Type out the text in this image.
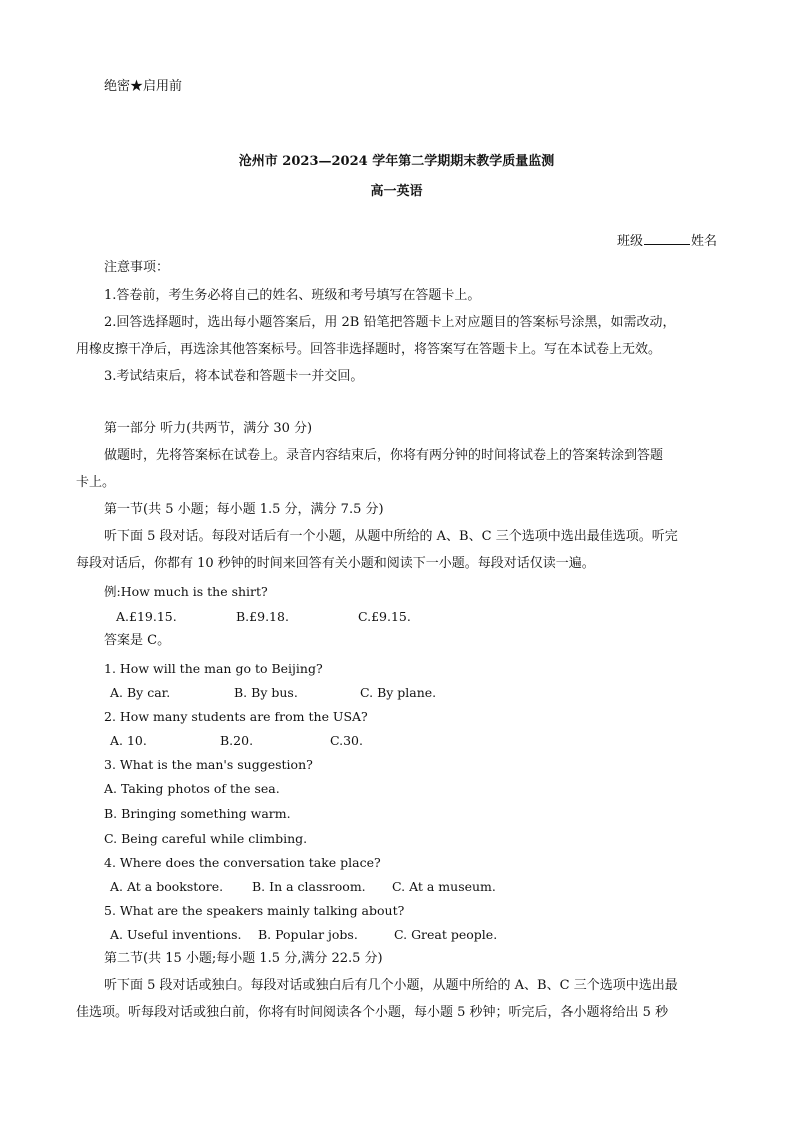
绝密★启用前
沧州市 2023—2024 学年第二学期期末教学质量监测
高一英语
班级	姓名
注意事项：
1.答卷前，考生务必将自己的姓名、班级和考号填写在答题卡上。
2.回答选择题时，选出每小题答案后，用 2B 铅笔把答题卡上对应题目的答案标号涂黑，如需改动，
用橡皮擦干净后，再选涂其他答案标号。回答非选择题时，将答案写在答题卡上。写在本试卷上无效。
3.考试结束后，将本试卷和答题卡一并交回。
第一部分 听力(共两节，满分 30 分)
做题时，先将答案标在试卷上。录音内容结束后，你将有两分钟的时间将试卷上的答案转涂到答题
卡上。
第一节(共 5 小题；每小题 1.5 分，满分 7.5 分)
听下面 5 段对话。每段对话后有一个小题，从题中所给的 A、B、C 三个选项中选出最佳选项。听完
每段对话后，你都有 10 秒钟的时间来回答有关小题和阅读下一小题。每段对话仅读一遍。
例:How much is the shirt?
A.£19.15.	B.£9.18.	C.£9.15.
答案是 C。
1. How will the man go to Beijing?
A. By car.	B. By bus.	C. By plane.
2. How many students are from the USA?
A. 10.	B.20.	C.30.
3. What is the man's suggestion?
A. Taking photos of the sea.
B. Bringing something warm.
C. Being careful while climbing.
4. Where does the conversation take place?
A. At a bookstore. B. In a classroom. C. At a museum.
5. What are the speakers mainly talking about?
A. Useful inventions. B. Popular jobs.	C. Great people.
第二节(共 15 小题;每小题 1.5 分,满分 22.5 分)
听下面 5 段对话或独白。每段对话或独白后有几个小题，从题中所给的 A、B、C 三个选项中选出最
佳选项。听每段对话或独白前，你将有时间阅读各个小题，每小题 5 秒钟；听完后，各小题将给出 5 秒
